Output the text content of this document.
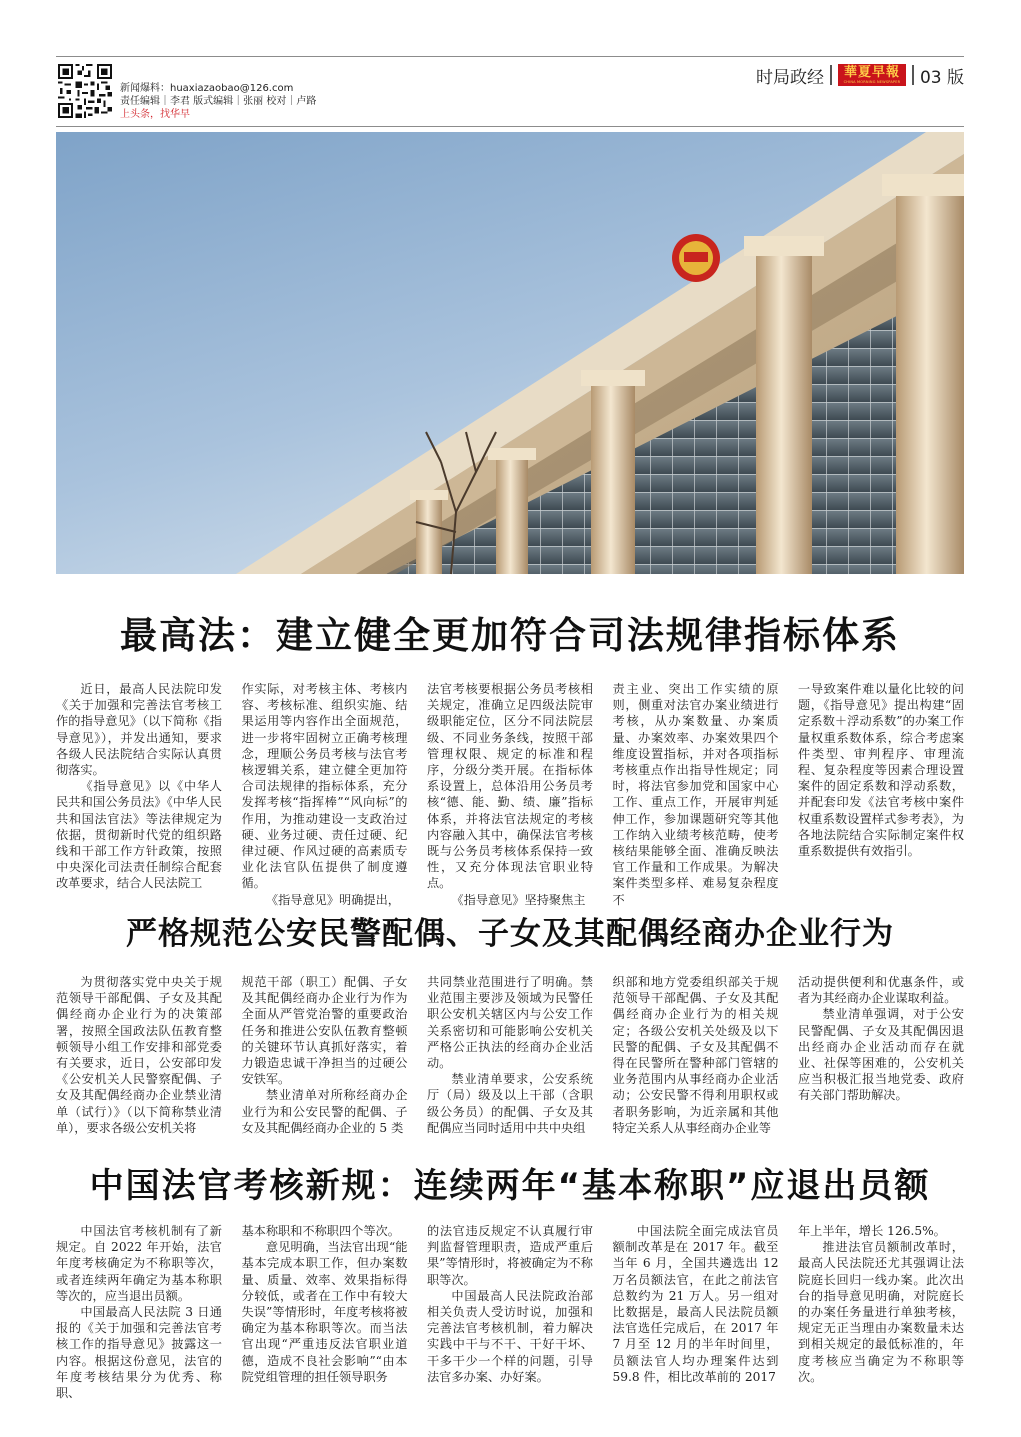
新闻爆料：huaxiazaobao@126.com
责任编辑｜李君 版式编辑｜张丽 校对｜卢路
上头条，找华早
时局政经 華夏早報
CHINA MORNING NEWSPAPER 03 版
最高法：建立健全更加符合司法规律指标体系

近日，最高人民法院印发《关于加强和完善法官考核工作的指导意见》（以下简称《指导意见》），并发出通知，要求各级人民法院结合实际认真贯彻落实。

《指导意见》以《中华人民共和国公务员法》《中华人民共和国法官法》等法律规定为依据，贯彻新时代党的组织路线和干部工作方针政策，按照中央深化司法责任制综合配套改革要求，结合人民法院工

作实际，对考核主体、考核内容、考核标准、组织实施、结果运用等内容作出全面规范，进一步将牢固树立正确考核理念，理顺公务员考核与法官考核逻辑关系，建立健全更加符合司法规律的指标体系，充分发挥考核“指挥棒”“风向标”的作用，为推动建设一支政治过硬、业务过硬、责任过硬、纪律过硬、作风过硬的高素质专业化法官队伍提供了制度遵循。

《指导意见》明确提出，

法官考核要根据公务员考核相关规定，准确立足四级法院审级职能定位，区分不同法院层级、不同业务条线，按照干部管理权限、规定的标准和程序，分级分类开展。在指标体系设置上，总体沿用公务员考核“德、能、勤、绩、廉”指标体系，并将法官法规定的考核内容融入其中，确保法官考核既与公务员考核体系保持一致性，又充分体现法官职业特点。

《指导意见》坚持聚焦主

责主业、突出工作实绩的原则，侧重对法官办案业绩进行考核，从办案数量、办案质量、办案效率、办案效果四个维度设置指标，并对各项指标考核重点作出指导性规定；同时，将法官参加党和国家中心工作、重点工作，开展审判延伸工作，参加课题研究等其他工作纳入业绩考核范畴，使考核结果能够全面、准确反映法官工作量和工作成果。为解决案件类型多样、难易复杂程度不

一导致案件难以量化比较的问题，《指导意见》提出构建“固定系数＋浮动系数”的办案工作量权重系数体系，综合考虑案件类型、审判程序、审理流程、复杂程度等因素合理设置案件的固定系数和浮动系数，并配套印发《法官考核中案件权重系数设置样式参考表》，为各地法院结合实际制定案件权重系数提供有效指引。

严格规范公安民警配偶、子女及其配偶经商办企业行为

为贯彻落实党中央关于规范领导干部配偶、子女及其配偶经商办企业行为的决策部署，按照全国政法队伍教育整顿领导小组工作安排和部党委有关要求，近日，公安部印发《公安机关人民警察配偶、子女及其配偶经商办企业禁业清单（试行）》（以下简称禁业清单），要求各级公安机关将

规范干部（职工）配偶、子女及其配偶经商办企业行为作为全面从严管党治警的重要政治任务和推进公安队伍教育整顿的关键环节认真抓好落实，着力锻造忠诚干净担当的过硬公安铁军。

禁业清单对所称经商办企业行为和公安民警的配偶、子女及其配偶经商办企业的 5 类

共同禁业范围进行了明确。禁业范围主要涉及领域为民警任职公安机关辖区内与公安工作关系密切和可能影响公安机关严格公正执法的经商办企业活动。

禁业清单要求，公安系统厅（局）级及以上干部（含职级公务员）的配偶、子女及其配偶应当同时适用中共中央组

织部和地方党委组织部关于规范领导干部配偶、子女及其配偶经商办企业行为的相关规定；各级公安机关处级及以下民警的配偶、子女及其配偶不得在民警所在警种部门管辖的业务范围内从事经商办企业活动；公安民警不得利用职权或者职务影响，为近亲属和其他特定关系人从事经商办企业等

活动提供便利和优惠条件，或者为其经商办企业谋取利益。

禁业清单强调，对于公安民警配偶、子女及其配偶因退出经商办企业活动而存在就业、社保等困难的，公安机关应当积极汇报当地党委、政府有关部门帮助解决。

中国法官考核新规：连续两年“基本称职”应退出员额

中国法官考核机制有了新规定。自 2022 年开始，法官年度考核确定为不称职等次，或者连续两年确定为基本称职等次的，应当退出员额。

中国最高人民法院 3 日通报的《关于加强和完善法官考核工作的指导意见》披露这一内容。根据这份意见，法官的年度考核结果分为优秀、称职、

基本称职和不称职四个等次。

意见明确，当法官出现“能基本完成本职工作，但办案数量、质量、效率、效果指标得分较低，或者在工作中有较大失误”等情形时，年度考核将被确定为基本称职等次。而当法官出现“严重违反法官职业道德，造成不良社会影响”“由本院党组管理的担任领导职务

的法官违反规定不认真履行审判监督管理职责，造成严重后果”等情形时，将被确定为不称职等次。

中国最高人民法院政治部相关负责人受访时说，加强和完善法官考核机制，着力解决实践中干与不干、干好干坏、干多干少一个样的问题，引导法官多办案、办好案。

中国法院全面完成法官员额制改革是在 2017 年。截至当年 6 月，全国共遴选出 12 万名员额法官，在此之前法官总数约为 21 万人。另一组对比数据是，最高人民法院员额法官选任完成后，在 2017 年 7 月至 12 月的半年时间里，员额法官人均办理案件达到 59.8 件，相比改革前的 2017

年上半年，增长 126.5%。

推进法官员额制改革时，最高人民法院还尤其强调让法院庭长回归一线办案。此次出台的指导意见明确，对院庭长的办案任务量进行单独考核，规定无正当理由办案数量未达到相关规定的最低标准的，年度考核应当确定为不称职等次。
